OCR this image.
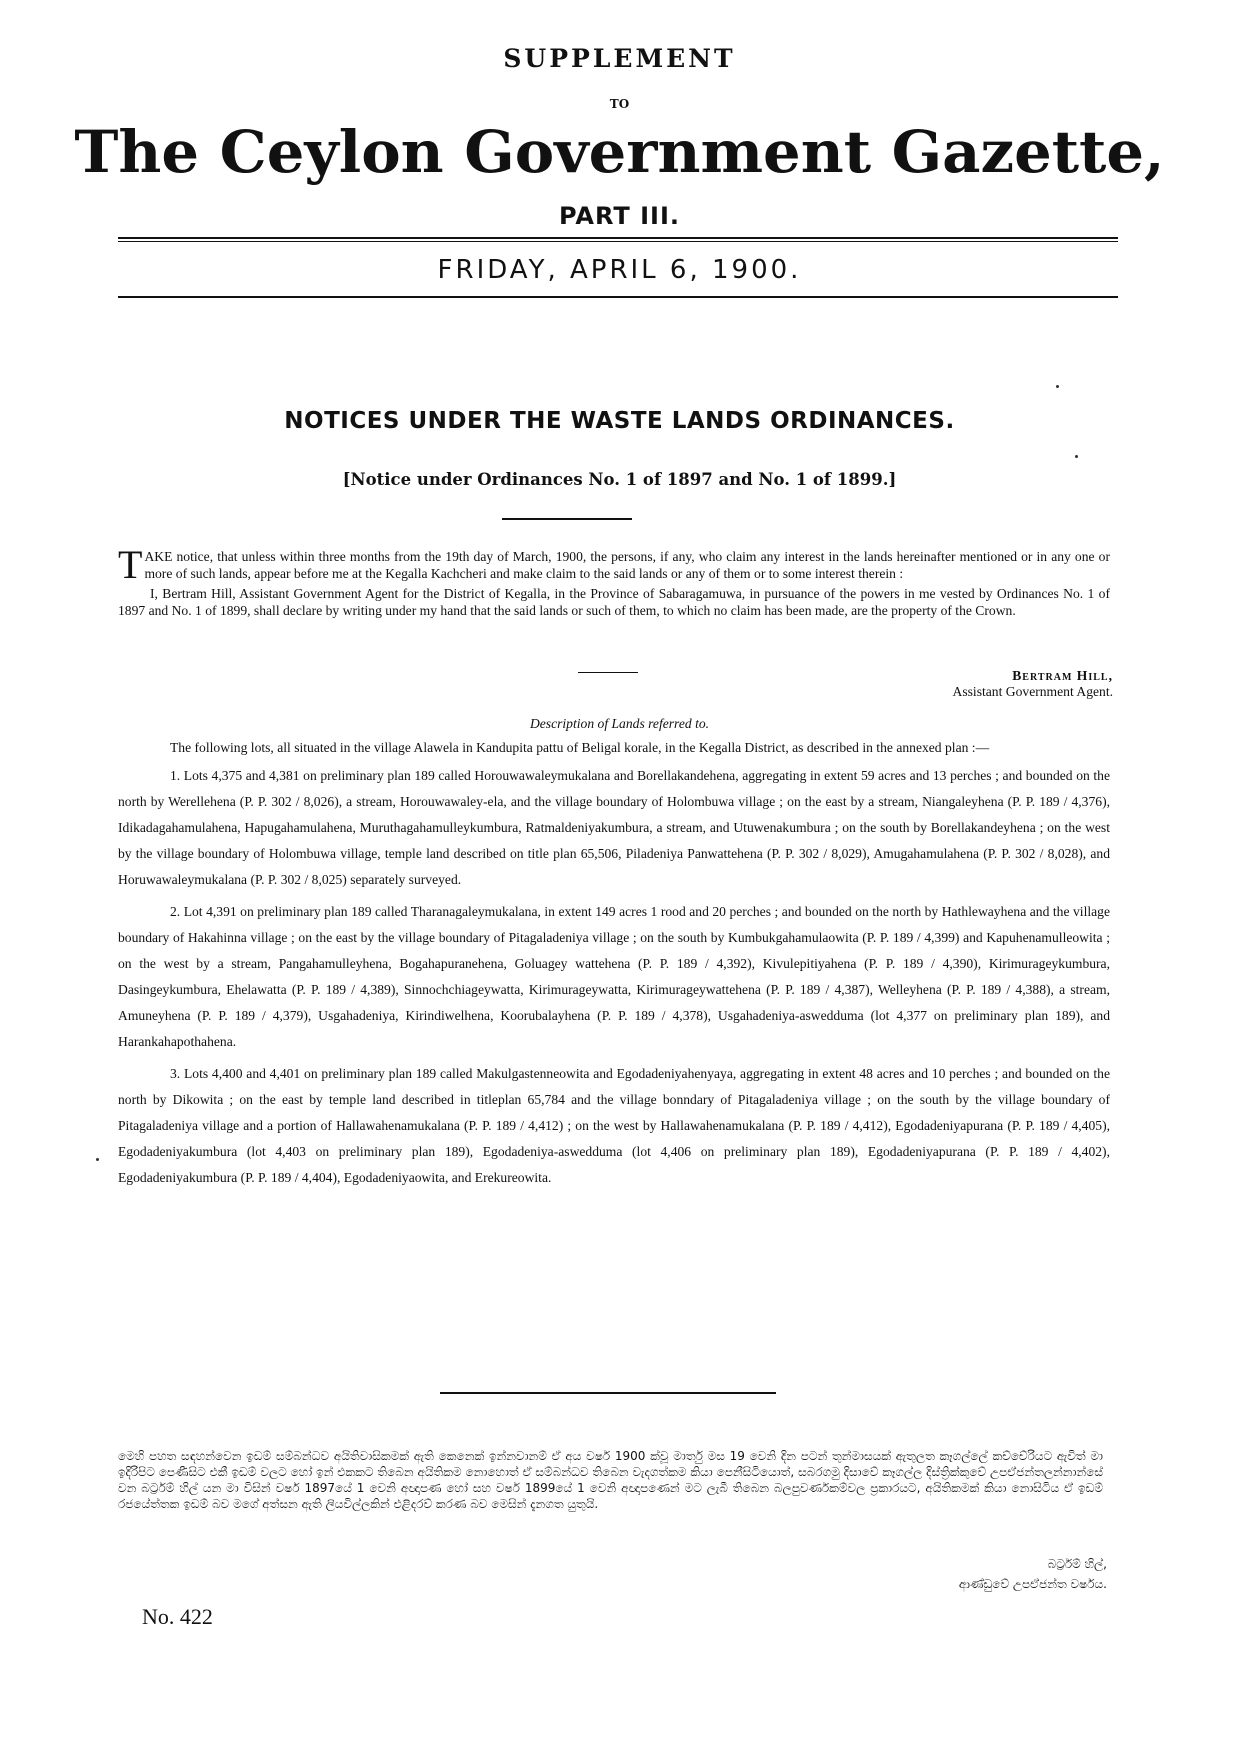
SUPPLEMENT
TO
The Ceylon Government Gazette,
PART III.
FRIDAY, APRIL 6, 1900.
NOTICES UNDER THE WASTE LANDS ORDINANCES.
[Notice under Ordinances No. 1 of 1897 and No. 1 of 1899.]

TAKE notice, that unless within three months from the 19th day of March, 1900, the persons, if any, who claim any interest in the lands hereinafter mentioned or in any one or more of such lands, appear before me at the Kegalla Kachcheri and make claim to the said lands or any of them or to some interest therein :

I, Bertram Hill, Assistant Government Agent for the District of Kegalla, in the Province of Sabaragamuwa, in pursuance of the powers in me vested by Ordinances No. 1 of 1897 and No. 1 of 1899, shall declare by writing under my hand that the said lands or such of them, to which no claim has been made, are the property of the Crown.

Bertram Hill,
Assistant Government Agent.
Description of Lands referred to.

The following lots, all situated in the village Alawela in Kandupita pattu of Beligal korale, in the Kegalla District, as described in the annexed plan :—

1. Lots 4,375 and 4,381 on preliminary plan 189 called Horouwawaleymukalana and Borellakandehena, aggregating in extent 59 acres and 13 perches ; and bounded on the north by Werellehena (P. P. 302 / 8,026), a stream, Horouwawaley-ela, and the village boundary of Holombuwa village ; on the east by a stream, Niangaleyhena (P. P. 189 / 4,376), Idikadagahamulahena, Hapugahamulahena, Muruthagahamulleykumbura, Ratmaldeniyakumbura, a stream, and Utuwenakumbura ; on the south by Borellakandeyhena ; on the west by the village boundary of Holombuwa village, temple land described on title plan 65,506, Piladeniya Panwattehena (P. P. 302 / 8,029), Amugahamulahena (P. P. 302 / 8,028), and Horuwawaleymukalana (P. P. 302 / 8,025) separately surveyed.

2. Lot 4,391 on preliminary plan 189 called Tharanagaleymukalana, in extent 149 acres 1 rood and 20 perches ; and bounded on the north by Hathlewayhena and the village boundary of Hakahinna village ; on the east by the village boundary of Pitagaladeniya village ; on the south by Kumbukgahamulaowita (P. P. 189 / 4,399) and Kapuhenamulleowita ; on the west by a stream, Pangahamulleyhena, Bogahapuranehena, Goluagey wattehena (P. P. 189 / 4,392), Kivulepitiyahena (P. P. 189 / 4,390), Kirimurageykumbura, Dasingeykumbura, Ehelawatta (P. P. 189 / 4,389), Sinnochchiageywatta, Kirimurageywatta, Kirimurageywattehena (P. P. 189 / 4,387), Welleyhena (P. P. 189 / 4,388), a stream, Amuneyhena (P. P. 189 / 4,379), Usgahadeniya, Kirindiwelhena, Koorubalayhena (P. P. 189 / 4,378), Usgahadeniya-aswedduma (lot 4,377 on preliminary plan 189), and Harankahapothahena.

3. Lots 4,400 and 4,401 on preliminary plan 189 called Makulgastenneowita and Egodadeniyahenyaya, aggregating in extent 48 acres and 10 perches ; and bounded on the north by Dikowita ; on the east by temple land described in titleplan 65,784 and the village bonndary of Pitagaladeniya village ; on the south by the village boundary of Pitagaladeniya village and a portion of Hallawahenamukalana (P. P. 189 / 4,412) ; on the west by Hallawahenamukalana (P. P. 189 / 4,412), Egodadeniyapurana (P. P. 189 / 4,405), Egodadeniyakumbura (lot 4,403 on preliminary plan 189), Egodadeniya-aswedduma (lot 4,406 on preliminary plan 189), Egodadeniyapurana (P. P. 189 / 4,402), Egodadeniyakumbura (P. P. 189 / 4,404), Egodadeniyaowita, and Erekureowita.

මෙහි පහත සඳහන්වෙන ඉඩම් සම්බන්ධව අයිතිවාසිකමක් ඇති කෙනෙක් ඉන්නවානම් ඒ අය වර්ෂ 1900 ක්වූ මාර්තු මස 19 වෙනි දින පටන් තුන්මාසයක් ඇතුලත කෑගල්ලේ කච්චේරියට ඇවිත් මා ඉදිරිපිට පෙණීසිට එකී ඉඩම් වලට හෝ ඉන් එකකට තිබෙන අයිතිකම නොහොත් ඒ සම්බන්ධව තිබෙන වැදගත්කම කියා පෙනීසිටියොත්, සබරගමු දිසාවේ කෑගල්ල දිස්ත්‍රික්කුවේ උපඒජන්තලන්නාන්සේ වන බර්ට්‍රම් හිල් යන මා විසින් වර්ෂ 1897යේ 1 වෙනි අඥාපණ හෝ සහ වර්ෂ 1899යේ 1 වෙනි අඥාපණෙන් මට ලැබී තිබෙන බලපුවර්ණකම්වල ප්‍රකාරයට, අයිතිකමක් කියා නොසිටිය ඒ ඉඩම් රජයේත්තක ඉඩම් බව මගේ අත්සන ඇති ලියවිල්ලකින් එළිදරව් කරණ බව මෙසින් දැනගත යුතුයි.
බර්ට්‍රම් හිල්,
ආණ්ඩුවේ උපඒජන්ත වර්ෂය.
No. 422
